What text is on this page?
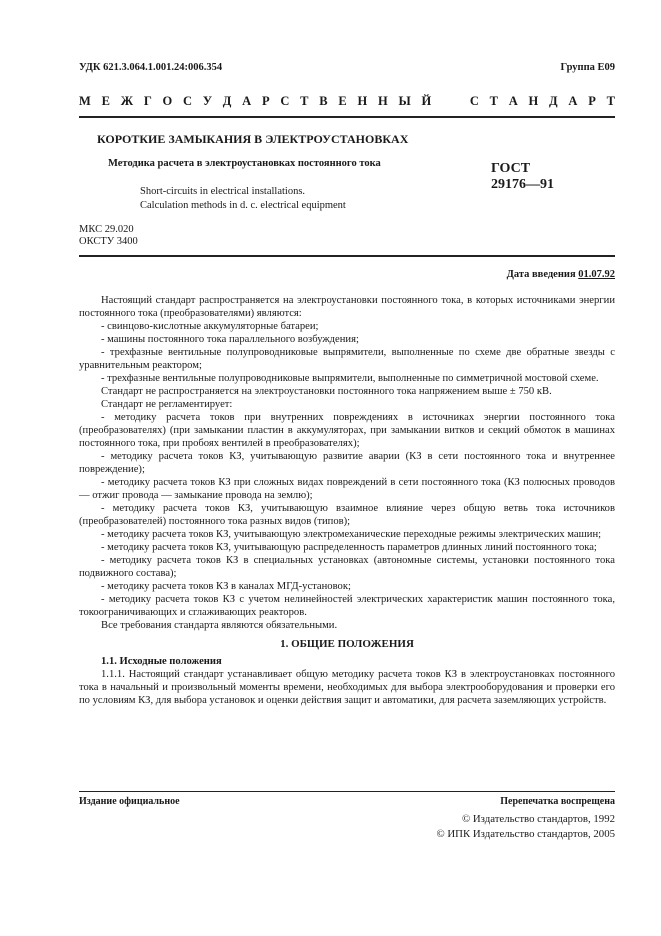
УДК 621.3.064.1.001.24:006.354	Группа Е09
М Е Ж Г О С У Д А Р С Т В Е Н Н Ы Й

	С Т А Н Д А Р Т
КОРОТКИЕ ЗАМЫКАНИЯ В ЭЛЕКТРОУСТАНОВКАХ
Методика расчета в электроустановках постоянного тока
Short-circuits in electrical installations.
Calculation methods in d. c. electrical equipment
ГОСТ
29176—91
МКС 29.020
ОКСТУ 3400
Дата введения 01.07.92

Настоящий стандарт распространяется на электроустановки постоянного тока, в которых источниками энергии постоянного тока (преобразователями) являются:

- свинцово-кислотные аккумуляторные батареи;

- машины постоянного тока параллельного возбуждения;

- трехфазные вентильные полупроводниковые выпрямители, выполненные по схеме две обратные звезды с уравнительным реактором;

- трехфазные вентильные полупроводниковые выпрямители, выполненные по симметричной мостовой схеме.

Стандарт не распространяется на электроустановки постоянного тока напряжением выше ± 750 кВ.

Стандарт не регламентирует:

- методику расчета токов при внутренних повреждениях в источниках энергии постоянного тока (преобразователях) (при замыкании пластин в аккумуляторах, при замыкании витков и секций обмоток в машинах постоянного тока, при пробоях вентилей в преобразователях);

- методику расчета токов КЗ, учитывающую развитие аварии (КЗ в сети постоянного тока и внутреннее повреждение);

- методику расчета токов КЗ при сложных видах повреждений в сети постоянного тока (КЗ полюсных проводов — отжиг провода — замыкание провода на землю);

- методику расчета токов КЗ, учитывающую взаимное влияние через общую ветвь тока источников (преобразователей) постоянного тока разных видов (типов);

- методику расчета токов КЗ, учитывающую электромеханические переходные режимы электрических машин;

- методику расчета токов КЗ, учитывающую распределенность параметров длинных линий постоянного тока;

- методику расчета токов КЗ в специальных установках (автономные системы, установки постоянного тока подвижного состава);

- методику расчета токов КЗ в каналах МГД-установок;

- методику расчета токов КЗ с учетом нелинейностей электрических характеристик машин постоянного тока, токоограничивающих и сглаживающих реакторов.

Все требования стандарта являются обязательными.

1. ОБЩИЕ ПОЛОЖЕНИЯ

1.1. Исходные положения

1.1.1. Настоящий стандарт устанавливает общую методику расчета токов КЗ в электроустановках постоянного тока в начальный и произвольный моменты времени, необходимых для выбора электрооборудования и проверки его по условиям КЗ, для выбора установок и оценки действия защит и автоматики, для расчета заземляющих устройств.

Издание официальное	Перепечатка воспрещена
© Издательство стандартов, 1992
© ИПК Издательство стандартов, 2005
